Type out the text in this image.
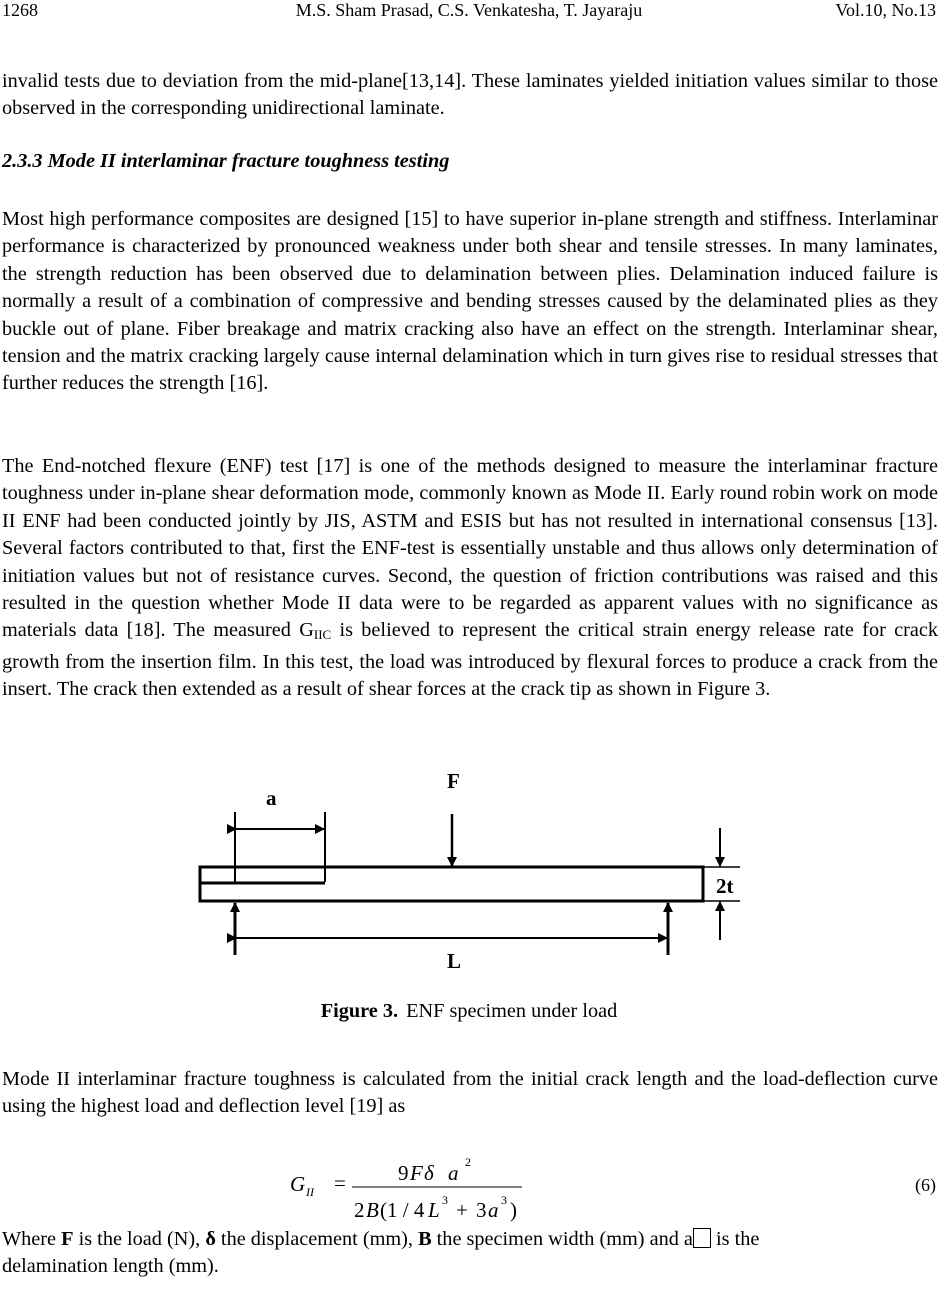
1268	M.S. Sham Prasad, C.S. Venkatesha, T. Jayaraju	Vol.10, No.13

invalid tests due to deviation from the mid-plane[13,14]. These laminates yielded initiation values similar to those observed in the corresponding unidirectional laminate.

2.3.3 Mode II interlaminar fracture toughness testing

Most high performance composites are designed [15] to have superior in-plane strength and stiffness. Interlaminar performance is characterized by pronounced weakness under both shear and tensile stresses. In many laminates, the strength reduction has been observed due to delamination between plies. Delamination induced failure is normally a result of a combination of compressive and bending stresses caused by the delaminated plies as they buckle out of plane. Fiber breakage and matrix cracking also have an effect on the strength. Interlaminar shear, tension and the matrix cracking largely cause internal delamination which in turn gives rise to residual stresses that further reduces the strength [16].

The End-notched flexure (ENF) test [17] is one of the methods designed to measure the interlaminar fracture toughness under in-plane shear deformation mode, commonly known as Mode II. Early round robin work on mode II ENF had been conducted jointly by JIS, ASTM and ESIS but has not resulted in international consensus [13]. Several factors contributed to that, first the ENF-test is essentially unstable and thus allows only determination of initiation values but not of resistance curves. Second, the question of friction contributions was raised and this resulted in the question whether Mode II data were to be regarded as apparent values with no significance as materials data [18]. The measured $G_{IIC}$ is believed to represent the critical strain energy release rate for crack growth from the insertion film. In this test, the load was introduced by flexural forces to produce a crack from the insert. The crack then extended as a result of shear forces at the crack tip as shown in Figure 3.

F
a
2t
L
Figure 3. ENF specimen under load

Mode II interlaminar fracture toughness is calculated from the initial crack length and the load-deflection curve using the highest load and deflection level [19] as

G II = 9 F δ a 2
2 B (1 / 4 L 3 + 3 a 3 )
(6)

Where F is the load (N), δ the displacement (mm), B the specimen width (mm) and a is the
delamination length (mm).
